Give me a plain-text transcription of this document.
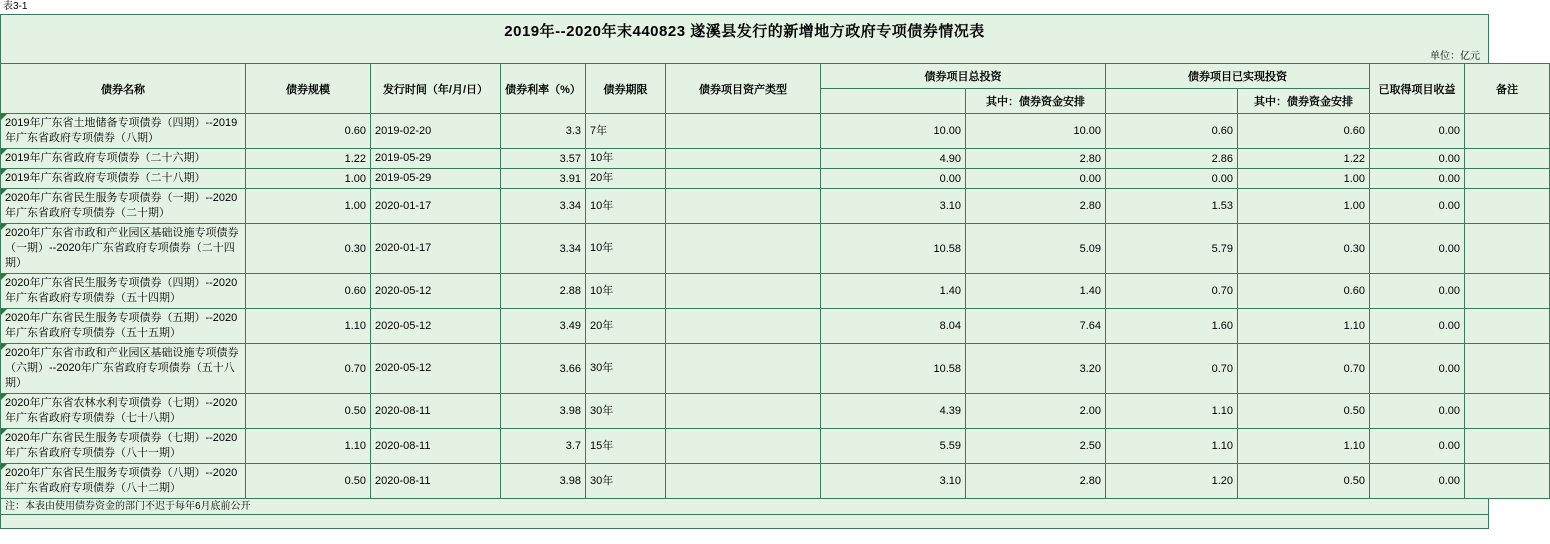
表3-1
2019年--2020年末440823 遂溪县发行的新增地方政府专项债券情况表
单位：亿元
债券名称	债券规模	发行时间（年/月/日）	债券利率（%）	债券期限	债券项目资产类型	债券项目总投资		债券项目已实现投资		已取得项目收益	备注
							其中：债券资金安排		其中：债券资金安排		
2019年广东省土地储备专项债券（四期）--2019年广东省政府专项债券（八期）	0.60	2019-02-20	3.3	7年		10.00	10.00	0.60	0.60	0.00	
2019年广东省政府专项债券（二十六期）	1.22	2019-05-29	3.57	10年		4.90	2.80	2.86	1.22	0.00	
2019年广东省政府专项债券（二十八期）	1.00	2019-05-29	3.91	20年		0.00	0.00	0.00	1.00	0.00	
2020年广东省民生服务专项债券（一期）--2020年广东省政府专项债券（二十期）	1.00	2020-01-17	3.34	10年		3.10	2.80	1.53	1.00	0.00	
2020年广东省市政和产业园区基础设施专项债券（一期）--2020年广东省政府专项债券（二十四期）	0.30	2020-01-17	3.34	10年		10.58	5.09	5.79	0.30	0.00	
2020年广东省民生服务专项债券（四期）--2020年广东省政府专项债券（五十四期）	0.60	2020-05-12	2.88	10年		1.40	1.40	0.70	0.60	0.00	
2020年广东省民生服务专项债券（五期）--2020年广东省政府专项债券（五十五期）	1.10	2020-05-12	3.49	20年		8.04	7.64	1.60	1.10	0.00	
2020年广东省市政和产业园区基础设施专项债券（六期）--2020年广东省政府专项债券（五十八期）	0.70	2020-05-12	3.66	30年		10.58	3.20	0.70	0.70	0.00	
2020年广东省农林水利专项债券（七期）--2020年广东省政府专项债券（七十八期）	0.50	2020-08-11	3.98	30年		4.39	2.00	1.10	0.50	0.00	
2020年广东省民生服务专项债券（七期）--2020年广东省政府专项债券（八十一期）	1.10	2020-08-11	3.7	15年		5.59	2.50	1.10	1.10	0.00	
2020年广东省民生服务专项债券（八期）--2020年广东省政府专项债券（八十二期）	0.50	2020-08-11	3.98	30年		3.10	2.80	1.20	0.50	0.00	
注：本表由使用债券资金的部门不迟于每年6月底前公开
